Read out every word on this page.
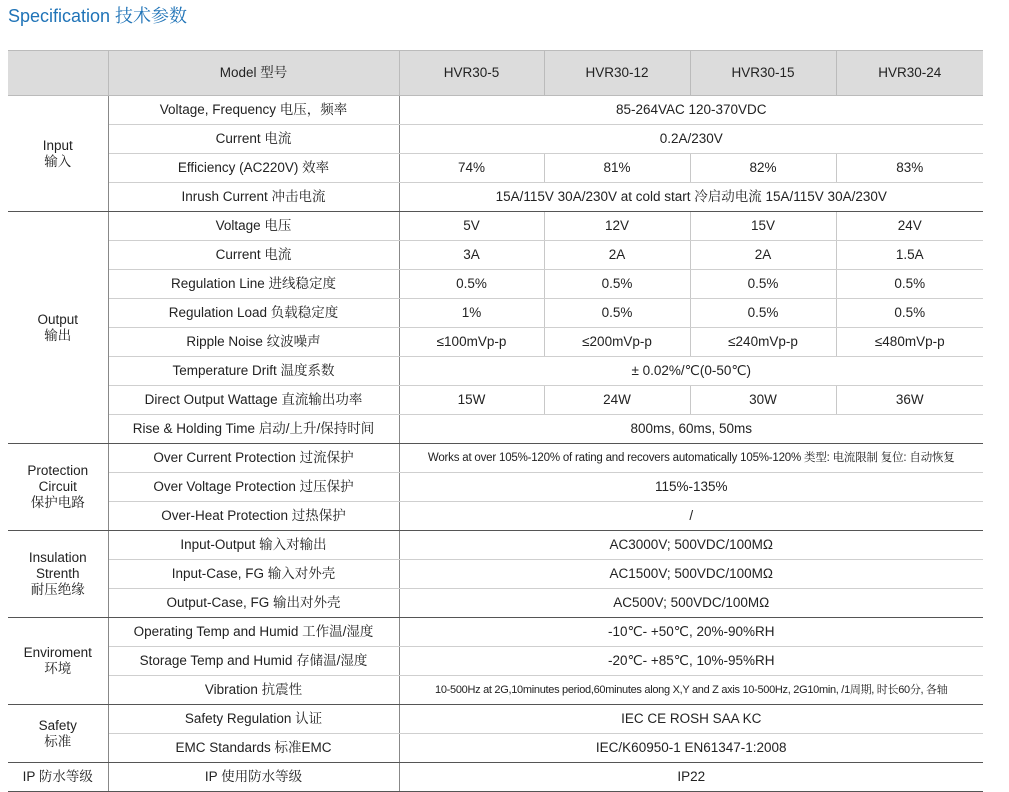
Specification 技术参数
	Model 型号	HVR30-5	HVR30-12	HVR30-15	HVR30-24

Input
输入	Voltage, Frequency 电压，频率	85-264VAC 120-370VDC			
	Current 电流	0.2A/230V			
	Efficiency (AC220V) 效率	74%	81%	82%	83%
	Inrush Current 冲击电流	15A/115V 30A/230V at cold start 冷启动电流 15A/115V 30A/230V			

Output
输出	Voltage 电压	5V	12V	15V	24V
	Current 电流	3A	2A	2A	1.5A
	Regulation Line 进线稳定度	0.5%	0.5%	0.5%	0.5%
	Regulation Load 负载稳定度	1%	0.5%	0.5%	0.5%
	Ripple Noise 纹波噪声	≤100mVp-p	≤200mVp-p	≤240mVp-p	≤480mVp-p
	Temperature Drift 温度系数	± 0.02%/℃(0-50℃)			
	Direct Output Wattage 直流输出功率	15W	24W	30W	36W
	Rise & Holding Time 启动/上升/保持时间	800ms, 60ms, 50ms			

Protection
Circuit
保护电路	Over Current Protection 过流保护	Works at over 105%-120% of rating and recovers automatically 105%-120% 类型: 电流限制 复位: 自动恢复			
	Over Voltage Protection 过压保护	115%-135%			
	Over-Heat Protection 过热保护	/			

Insulation
Strenth
耐压绝缘	Input-Output 输入对输出	AC3000V; 500VDC/100MΩ			
	Input-Case, FG 输入对外壳	AC1500V; 500VDC/100MΩ			
	Output-Case, FG 输出对外壳	AC500V; 500VDC/100MΩ			

Enviroment
环境	Operating Temp and Humid 工作温/湿度	-10℃- +50℃, 20%-90%RH			
	Storage Temp and Humid 存储温/湿度	-20℃- +85℃, 10%-95%RH			
	Vibration 抗震性	10-500Hz at 2G,10minutes period,60minutes along X,Y and Z axis 10-500Hz, 2G10min, /1周期, 时长60分, 各轴			

Safety
标准	Safety Regulation 认证	IEC CE ROSH SAA KC			
	EMC Standards 标准EMC	IEC/K60950-1 EN61347-1:2008			

IP 防水等级	IP 使用防水等级	IP22			
